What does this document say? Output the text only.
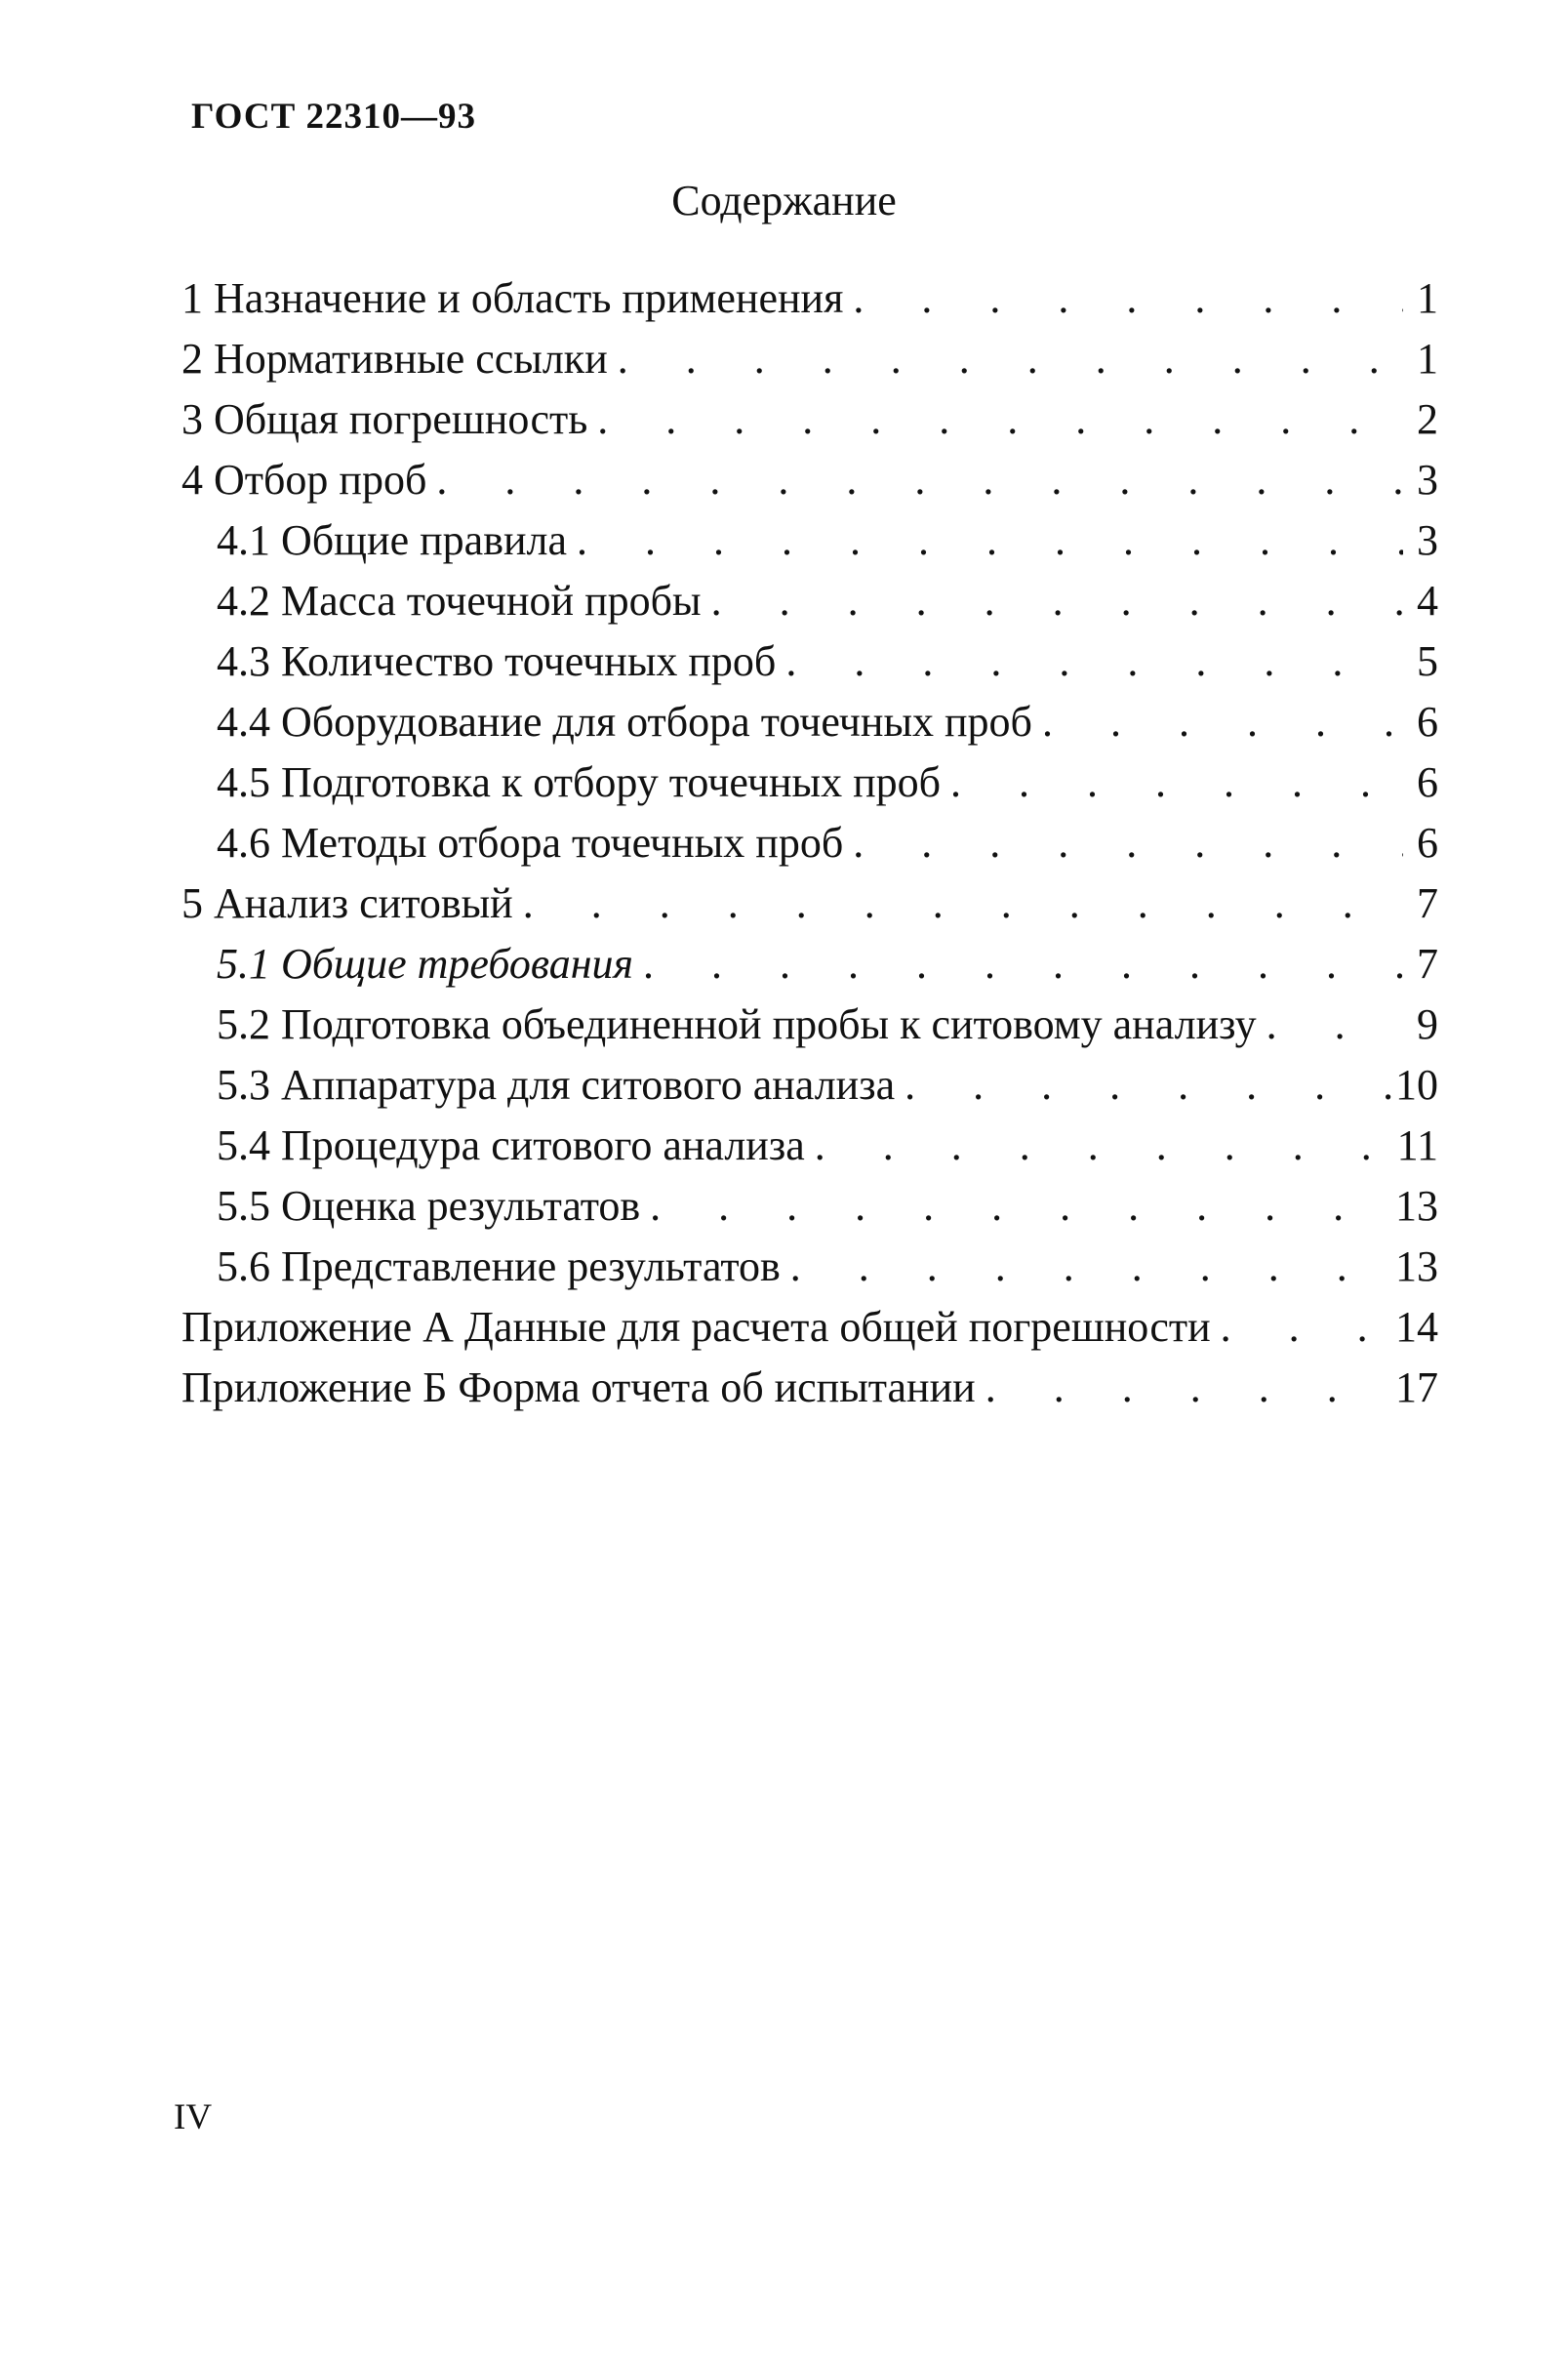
ГОСТ 22310—93
Содержание
1 Назначение и область применения . . .	1
2 Нормативные ссылки . . .	1
3 Общая погрешность . . .	2
4 Отбор проб . . .	3
4.1 Общие правила . . .	3
4.2 Масса точечной пробы . . .	4
4.3 Количество точечных проб . . .	5
4.4 Оборудование для отбора точечных проб . . .	6
4.5 Подготовка к отбору точечных проб . . .	6
4.6 Методы отбора точечных проб . . .	6
5 Анализ ситовый . . .	7
5.1 Общие требования . . .	7
5.2 Подготовка объединенной пробы к ситовому анализу . . .	9
5.3 Аппаратура для ситового анализа . . .	10
5.4 Процедура ситового анализа . . .	11
5.5 Оценка результатов . . .	13
5.6 Представление результатов . . .	13
Приложение А Данные для расчета общей погрешности . . .	14
Приложение Б Форма отчета об испытании . . .	17
IV
